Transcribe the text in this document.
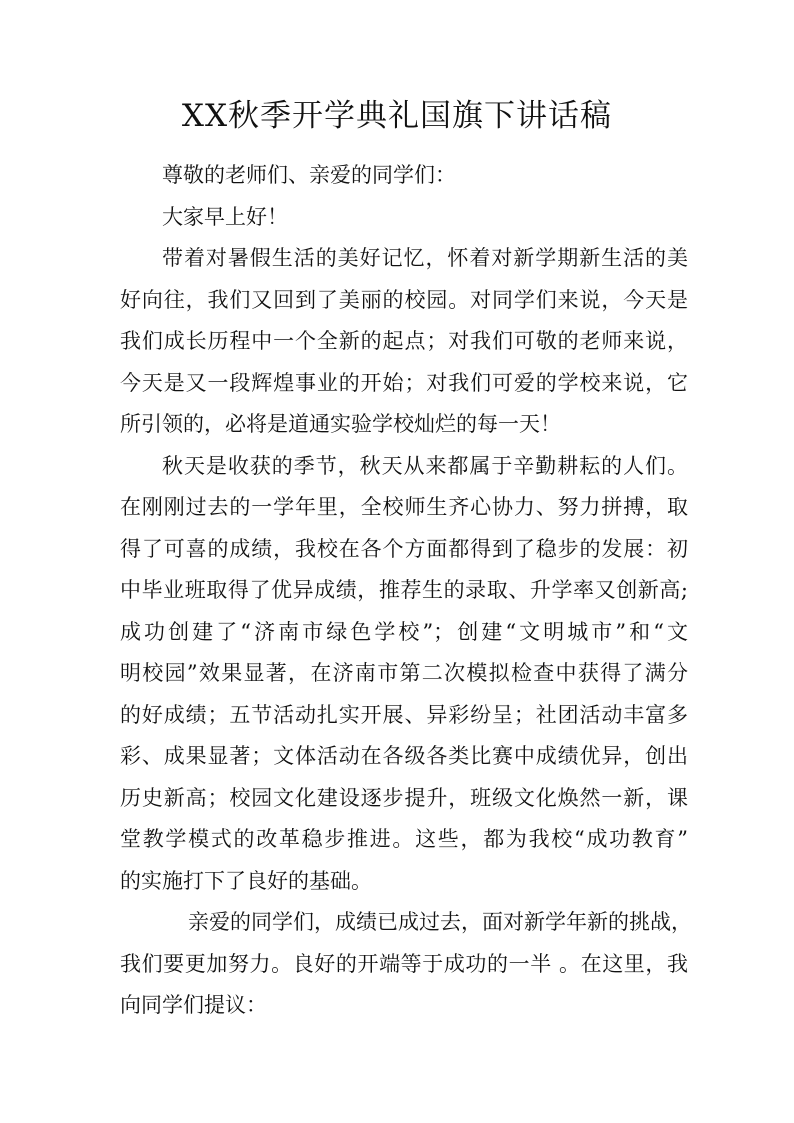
XX秋季开学典礼国旗下讲话稿
尊敬的老师们、亲爱的同学们：
大家早上好！
带着对暑假生活的美好记忆，怀着对新学期新生活的美
好向往，我们又回到了美丽的校园。对同学们来说，今天是
我们成长历程中一个全新的起点；对我们可敬的老师来说，
今天是又一段辉煌事业的开始；对我们可爱的学校来说，它
所引领的，必将是道通实验学校灿烂的每一天！
秋天是收获的季节，秋天从来都属于辛勤耕耘的人们。
在刚刚过去的一学年里，全校师生齐心协力、努力拼搏，取
得了可喜的成绩，我校在各个方面都得到了稳步的发展：初
中毕业班取得了优异成绩，推荐生的录取、升学率又创新高;
成功创建了“济南市绿色学校”；创建“文明城市”和“文
明校园”效果显著，在济南市第二次模拟检查中获得了满分
的好成绩；五节活动扎实开展、异彩纷呈；社团活动丰富多
彩、成果显著；文体活动在各级各类比赛中成绩优异，创出
历史新高；校园文化建设逐步提升，班级文化焕然一新，课
堂教学模式的改革稳步推进。这些，都为我校“成功教育”
的实施打下了良好的基础。
亲爱的同学们，成绩已成过去，面对新学年新的挑战，
我们要更加努力。良好的开端等于成功的一半 。在这里，我
向同学们提议：
